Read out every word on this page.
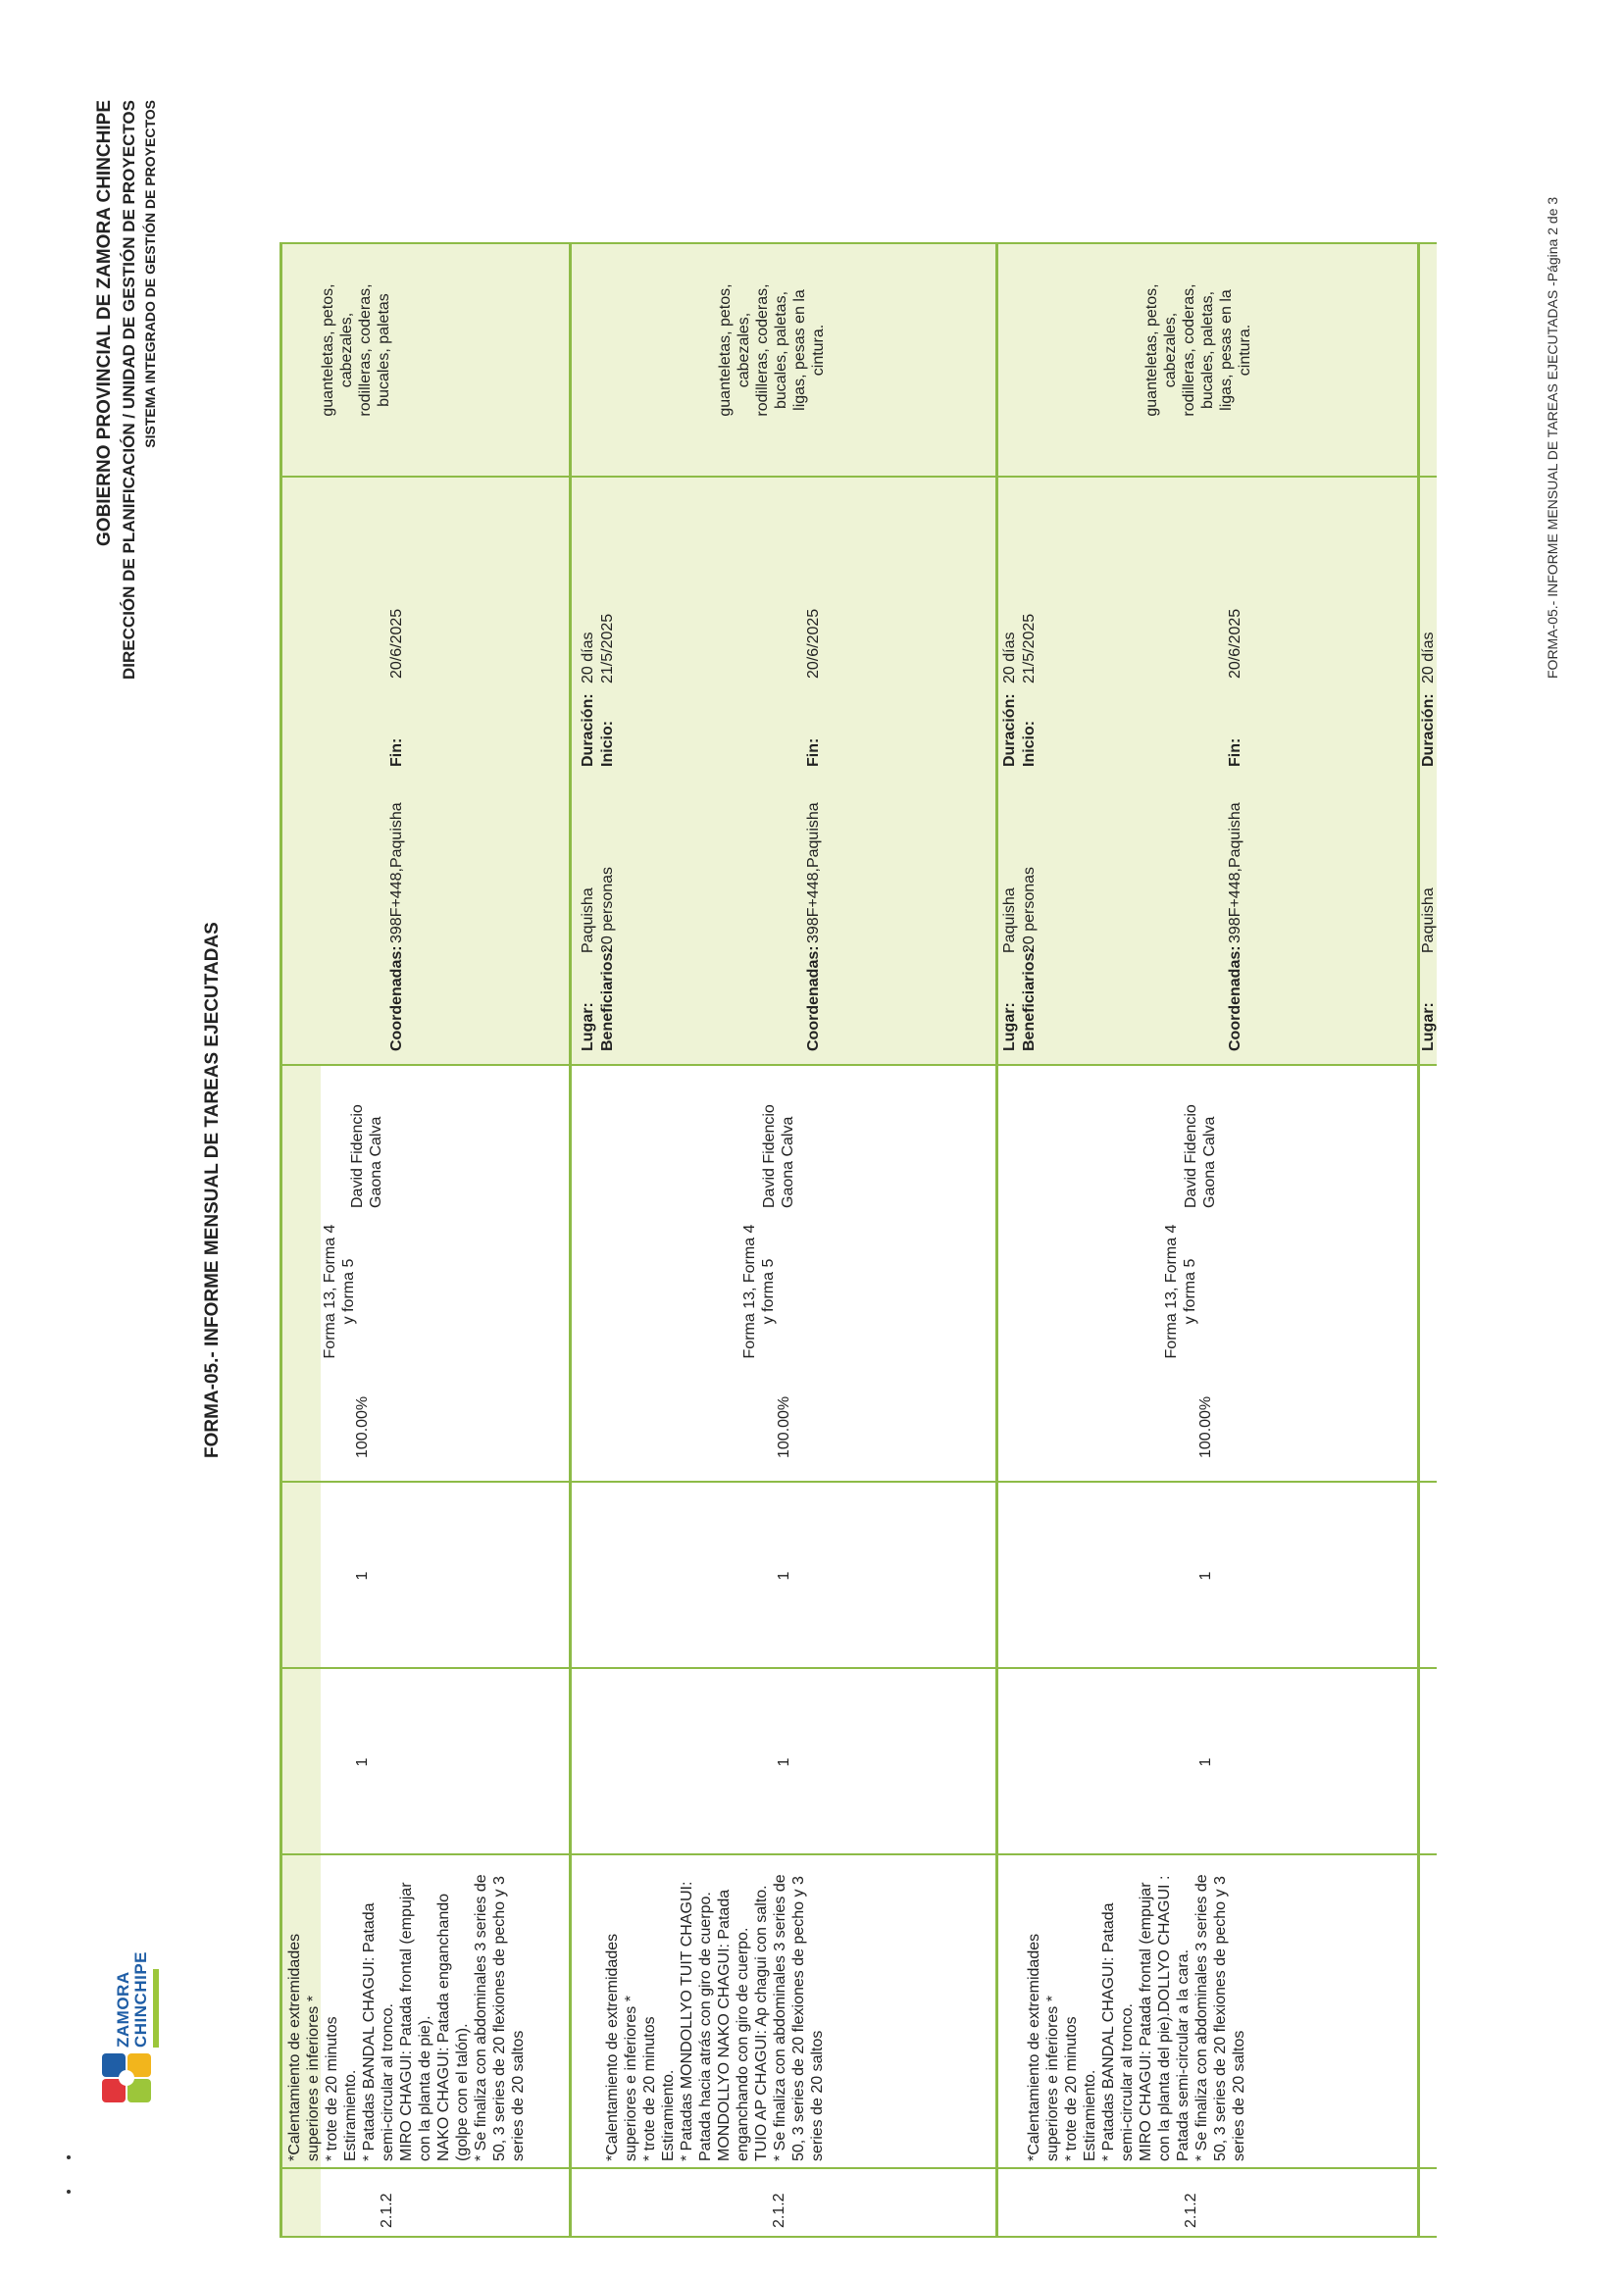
ZAMORA CHINCHIPE
GOBIERNO PROVINCIAL DE ZAMORA CHINCHIPE DIRECCIÓN DE PLANIFICACIÓN / UNIDAD DE GESTIÓN DE PROYECTOS SISTEMA INTEGRADO DE GESTIÓN DE PROYECTOS
FORMA-05.- INFORME MENSUAL DE TAREAS EJECUTADAS
*Calentamiento de extremidades superiores e inferiores *
* trote de 20 minutos
Estiramiento.
* Patadas BANDAL CHAGUI: Patada semi-circular al tronco.
MIRO CHAGUI: Patada frontal (empujar con la planta de pie).
NAKO CHAGUI: Patada enganchando (golpe con el talón).
* Se finaliza con abdominales 3 series de 50, 3 series de 20 flexiones de pecho y 3 series de 20 saltos
2.1.2
1
1
100.00%
Forma 13, Forma 4 y forma 5
David Fidencio Gaona Calva
Coordenadas:
398F+448,Paquisha
Fin:
20/6/2025
guanteletas, petos, cabezales, rodilleras, coderas, bucales, paletas
*Calentamiento de extremidades superiores e inferiores *
* trote de 20 minutos
Estiramiento.
* Patadas MONDOLLYO TUIT CHAGUI: Patada hacia atrás con giro de cuerpo.
MONDOLLYO NAKO CHAGUI: Patada enganchando con giro de cuerpo.
TUIO AP CHAGUI: Ap chagui con salto.
* Se finaliza con abdominales 3 series de 50, 3 series de 20 flexiones de pecho y 3 series de 20 saltos
2.1.2
1
1
100.00%
Forma 13, Forma 4 y forma 5
David Fidencio Gaona Calva
Lugar:
Paquisha
Beneficiarios:
20 personas
Coordenadas:
398F+448,Paquisha
Duración:
20 días
Inicio:
21/5/2025
Fin:
20/6/2025
guanteletas, petos, cabezales, rodilleras, coderas, bucales, paletas, ligas, pesas en la cintura.
*Calentamiento de extremidades superiores e inferiores *
* trote de 20 minutos
Estiramiento.
* Patadas BANDAL CHAGUI: Patada semi-circular al tronco.
MIRO CHAGUI: Patada frontal (empujar con la planta del pie).DOLLYO CHAGUI : Patada semi-circular a la cara.
* Se finaliza con abdominales 3 series de 50, 3 series de 20 flexiones de pecho y 3 series de 20 saltos
2.1.2
1
1
100.00%
Forma 13, Forma 4 y forma 5
David Fidencio Gaona Calva
Lugar:
Paquisha
Beneficiarios:
20 personas
Coordenadas:
398F+448,Paquisha
Duración:
20 días
Inicio:
21/5/2025
Fin:
20/6/2025
guanteletas, petos, cabezales, rodilleras, coderas, bucales, paletas, ligas, pesas en la cintura.
Lugar:
Paquisha
Duración:
20 días	FORMA-05.- INFORME MENSUAL DE TAREAS EJECUTADAS -Página 2 de 3
